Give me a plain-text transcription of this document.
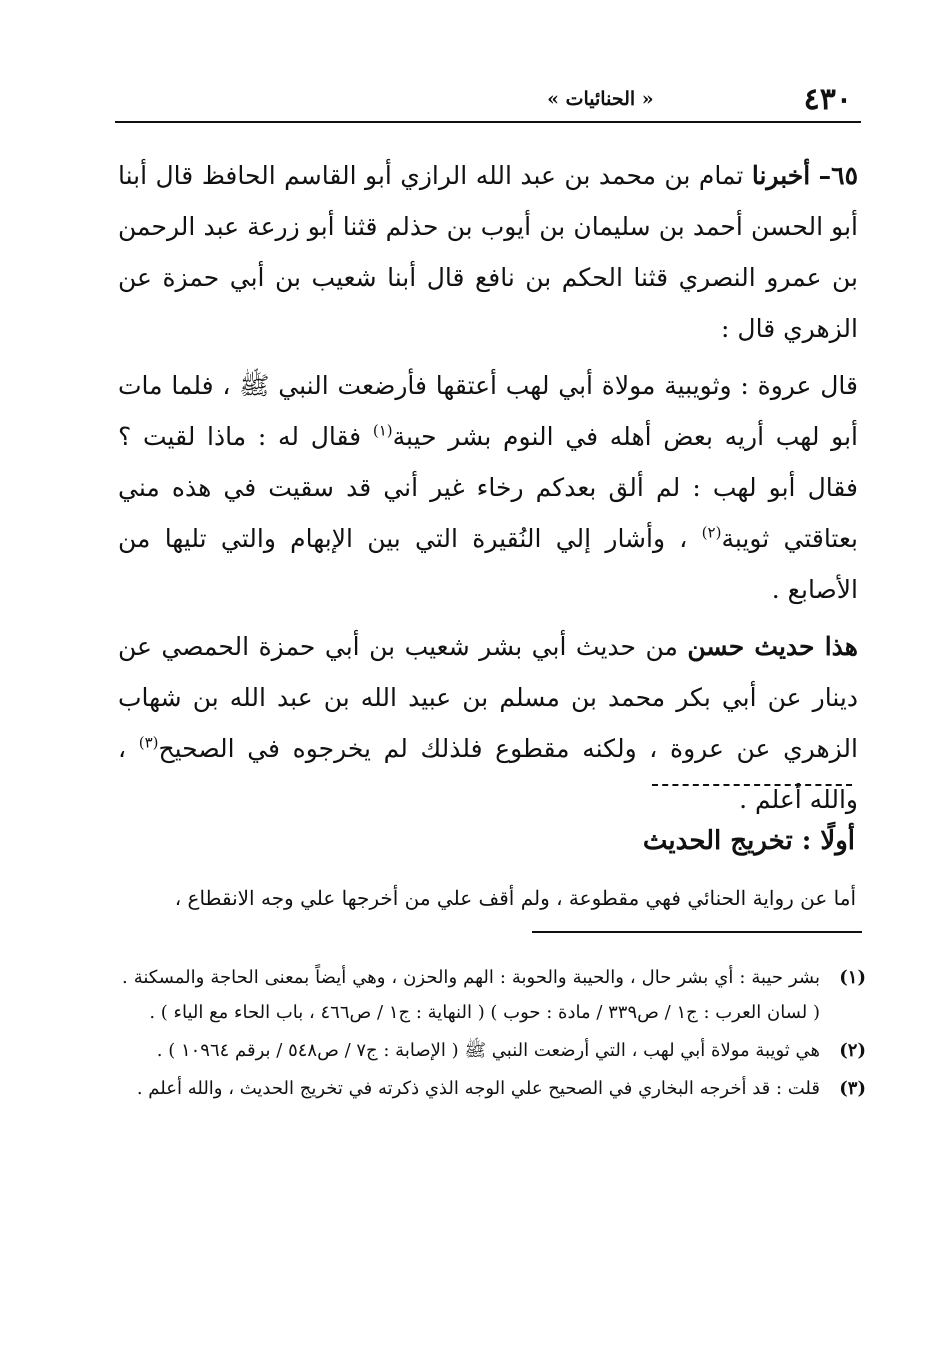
٤٣٠
« الحنائيات »

٦٥– أخبرنا تمام بن محمد بن عبد الله الرازي أبو القاسم الحافظ قال أبنا أبو الحسن أحمد بن سليمان بن أيوب بن حذلم قثنا أبو زرعة عبد الرحمن بن عمرو النصري قثنا الحكم بن نافع قال أبنا شعيب بن أبي حمزة عن الزهري قال :

قال عروة : وثويبية مولاة أبي لهب أعتقها فأرضعت النبي ﷺ ، فلما مات أبو لهب أريه بعض أهله في النوم بشر حيبة$^{(١)}$ فقال له : ماذا لقيت ؟ فقال أبو لهب : لم ألق بعدكم رخاء غير أني قد سقيت في هذه مني بعتاقتي ثويبة$^{(٢)}$ ، وأشار إلي النُقيرة التي بين الإبهام والتي تليها من الأصابع .

هذا حديث حسن من حديث أبي بشر شعيب بن أبي حمزة الحمصي عن دينار عن أبي بكر محمد بن مسلم بن عبيد الله بن عبد الله بن شهاب الزهري عن عروة ، ولكنه مقطوع فلذلك لم يخرجوه في الصحيح$^{(٣)}$ ، والله أعلم .

أولًا : تخريج الحديث
أما عن رواية الحنائي فهي مقطوعة ، ولم أقف علي من أخرجها علي وجه الانقطاع ،
(١)
بشر حيبة : أي بشر حال ، والحيبة والحوبة : الهم والحزن ، وهي أيضاً بمعنى الحاجة والمسكنة . ( لسان العرب : ج١ / ص٣٣٩ / مادة : حوب ) ( النهاية : ج١ / ص٤٦٦ ، باب الحاء مع الياء ) .
(٢)
هي ثويبة مولاة أبي لهب ، التي أرضعت النبي ﷺ ( الإصابة : ج٧ / ص٥٤٨ / برقم ١٠٩٦٤ ) .
(٣)
قلت : قد أخرجه البخاري في الصحيح علي الوجه الذي ذكرته في تخريج الحديث ، والله أعلم .
